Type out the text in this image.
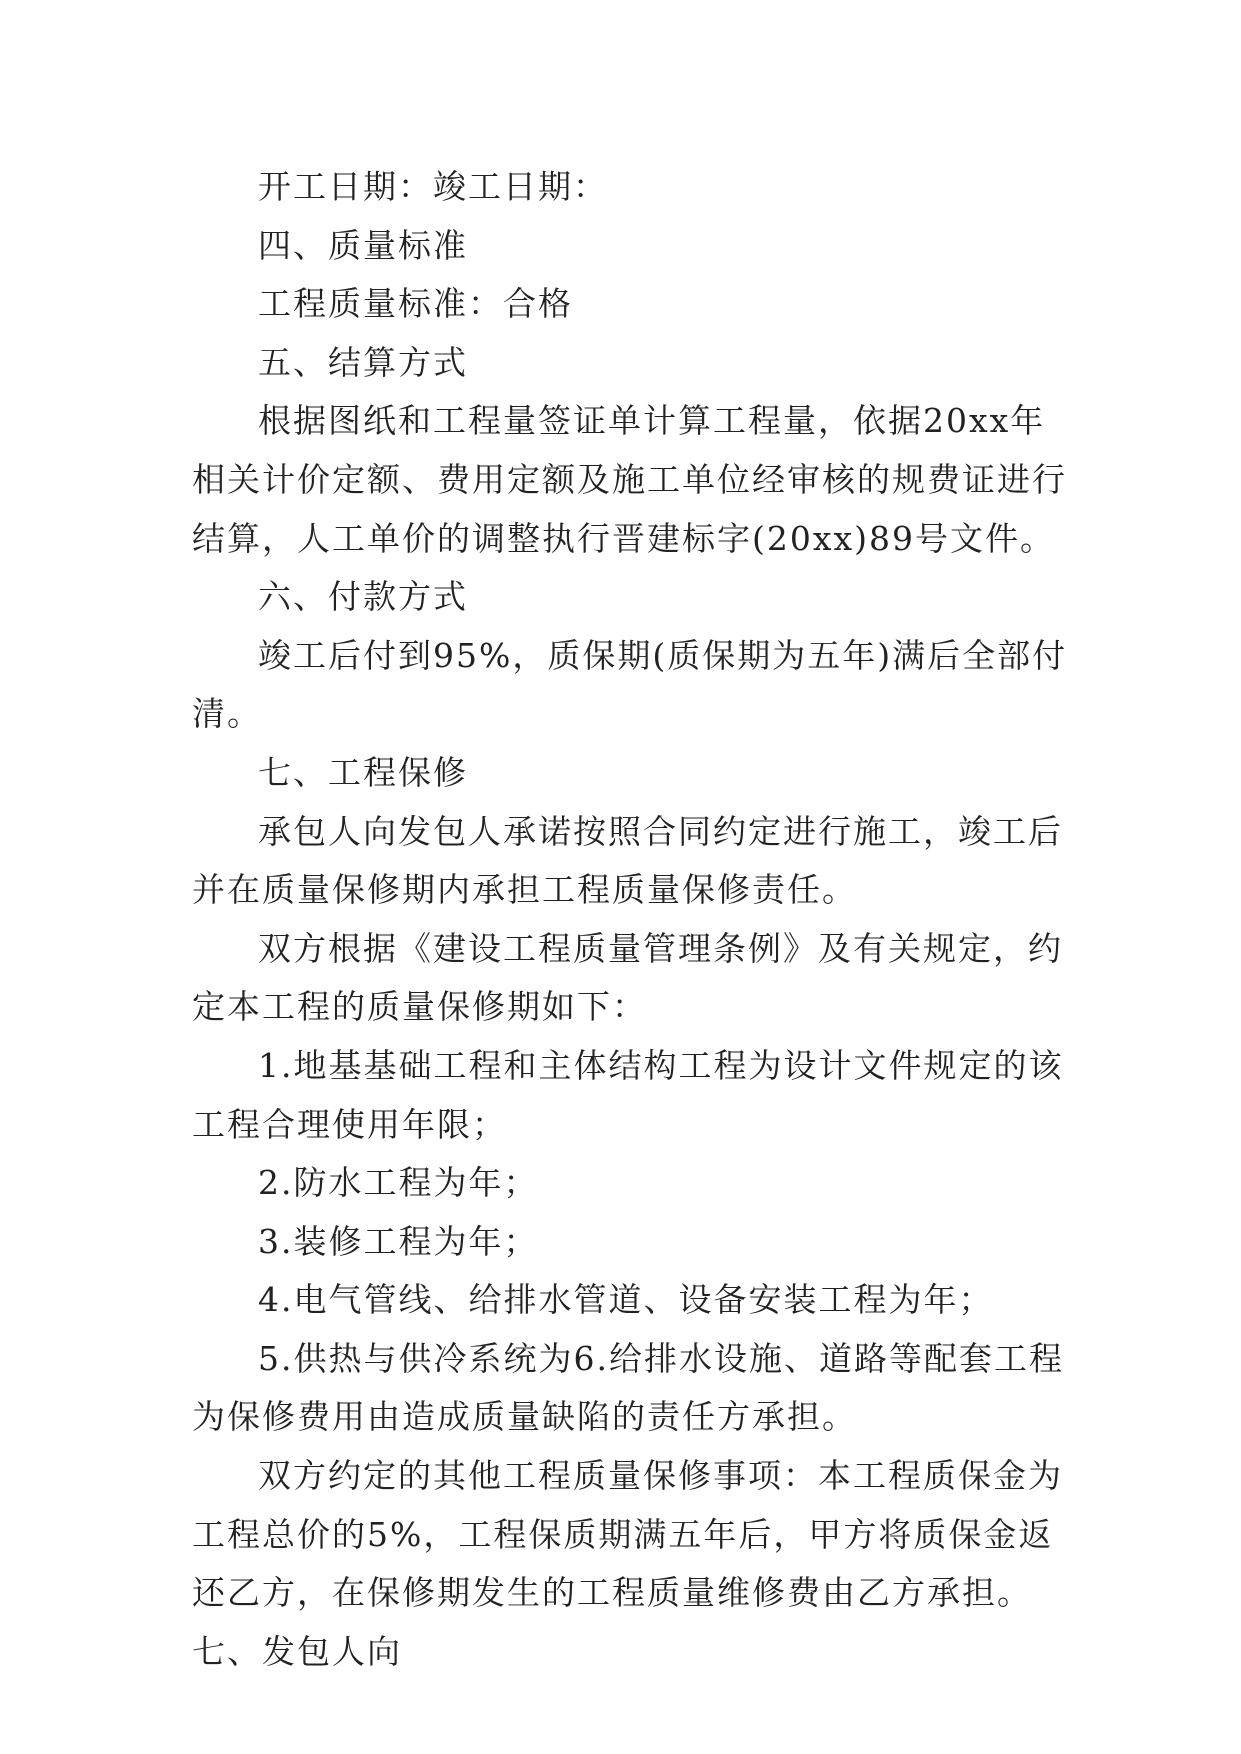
开工日期：竣工日期：

四、质量标准

工程质量标准：合格

五、结算方式

根据图纸和工程量签证单计算工程量，依据20xx年相关计价定额、费用定额及施工单位经审核的规费证进行结算，人工单价的调整执行晋建标字(20xx)89号文件。

六、付款方式

竣工后付到95%，质保期(质保期为五年)满后全部付清。

七、工程保修

承包人向发包人承诺按照合同约定进行施工，竣工后并在质量保修期内承担工程质量保修责任。

双方根据《建设工程质量管理条例》及有关规定，约定本工程的质量保修期如下：

1.地基基础工程和主体结构工程为设计文件规定的该工程合理使用年限；

2.防水工程为年；

3.装修工程为年；

4.电气管线、给排水管道、设备安装工程为年；

5.供热与供冷系统为6.给排水设施、道路等配套工程为保修费用由造成质量缺陷的责任方承担。

双方约定的其他工程质量保修事项：本工程质保金为工程总价的5%，工程保质期满五年后，甲方将质保金返还乙方，在保修期发生的工程质量维修费由乙方承担。七、发包人向
